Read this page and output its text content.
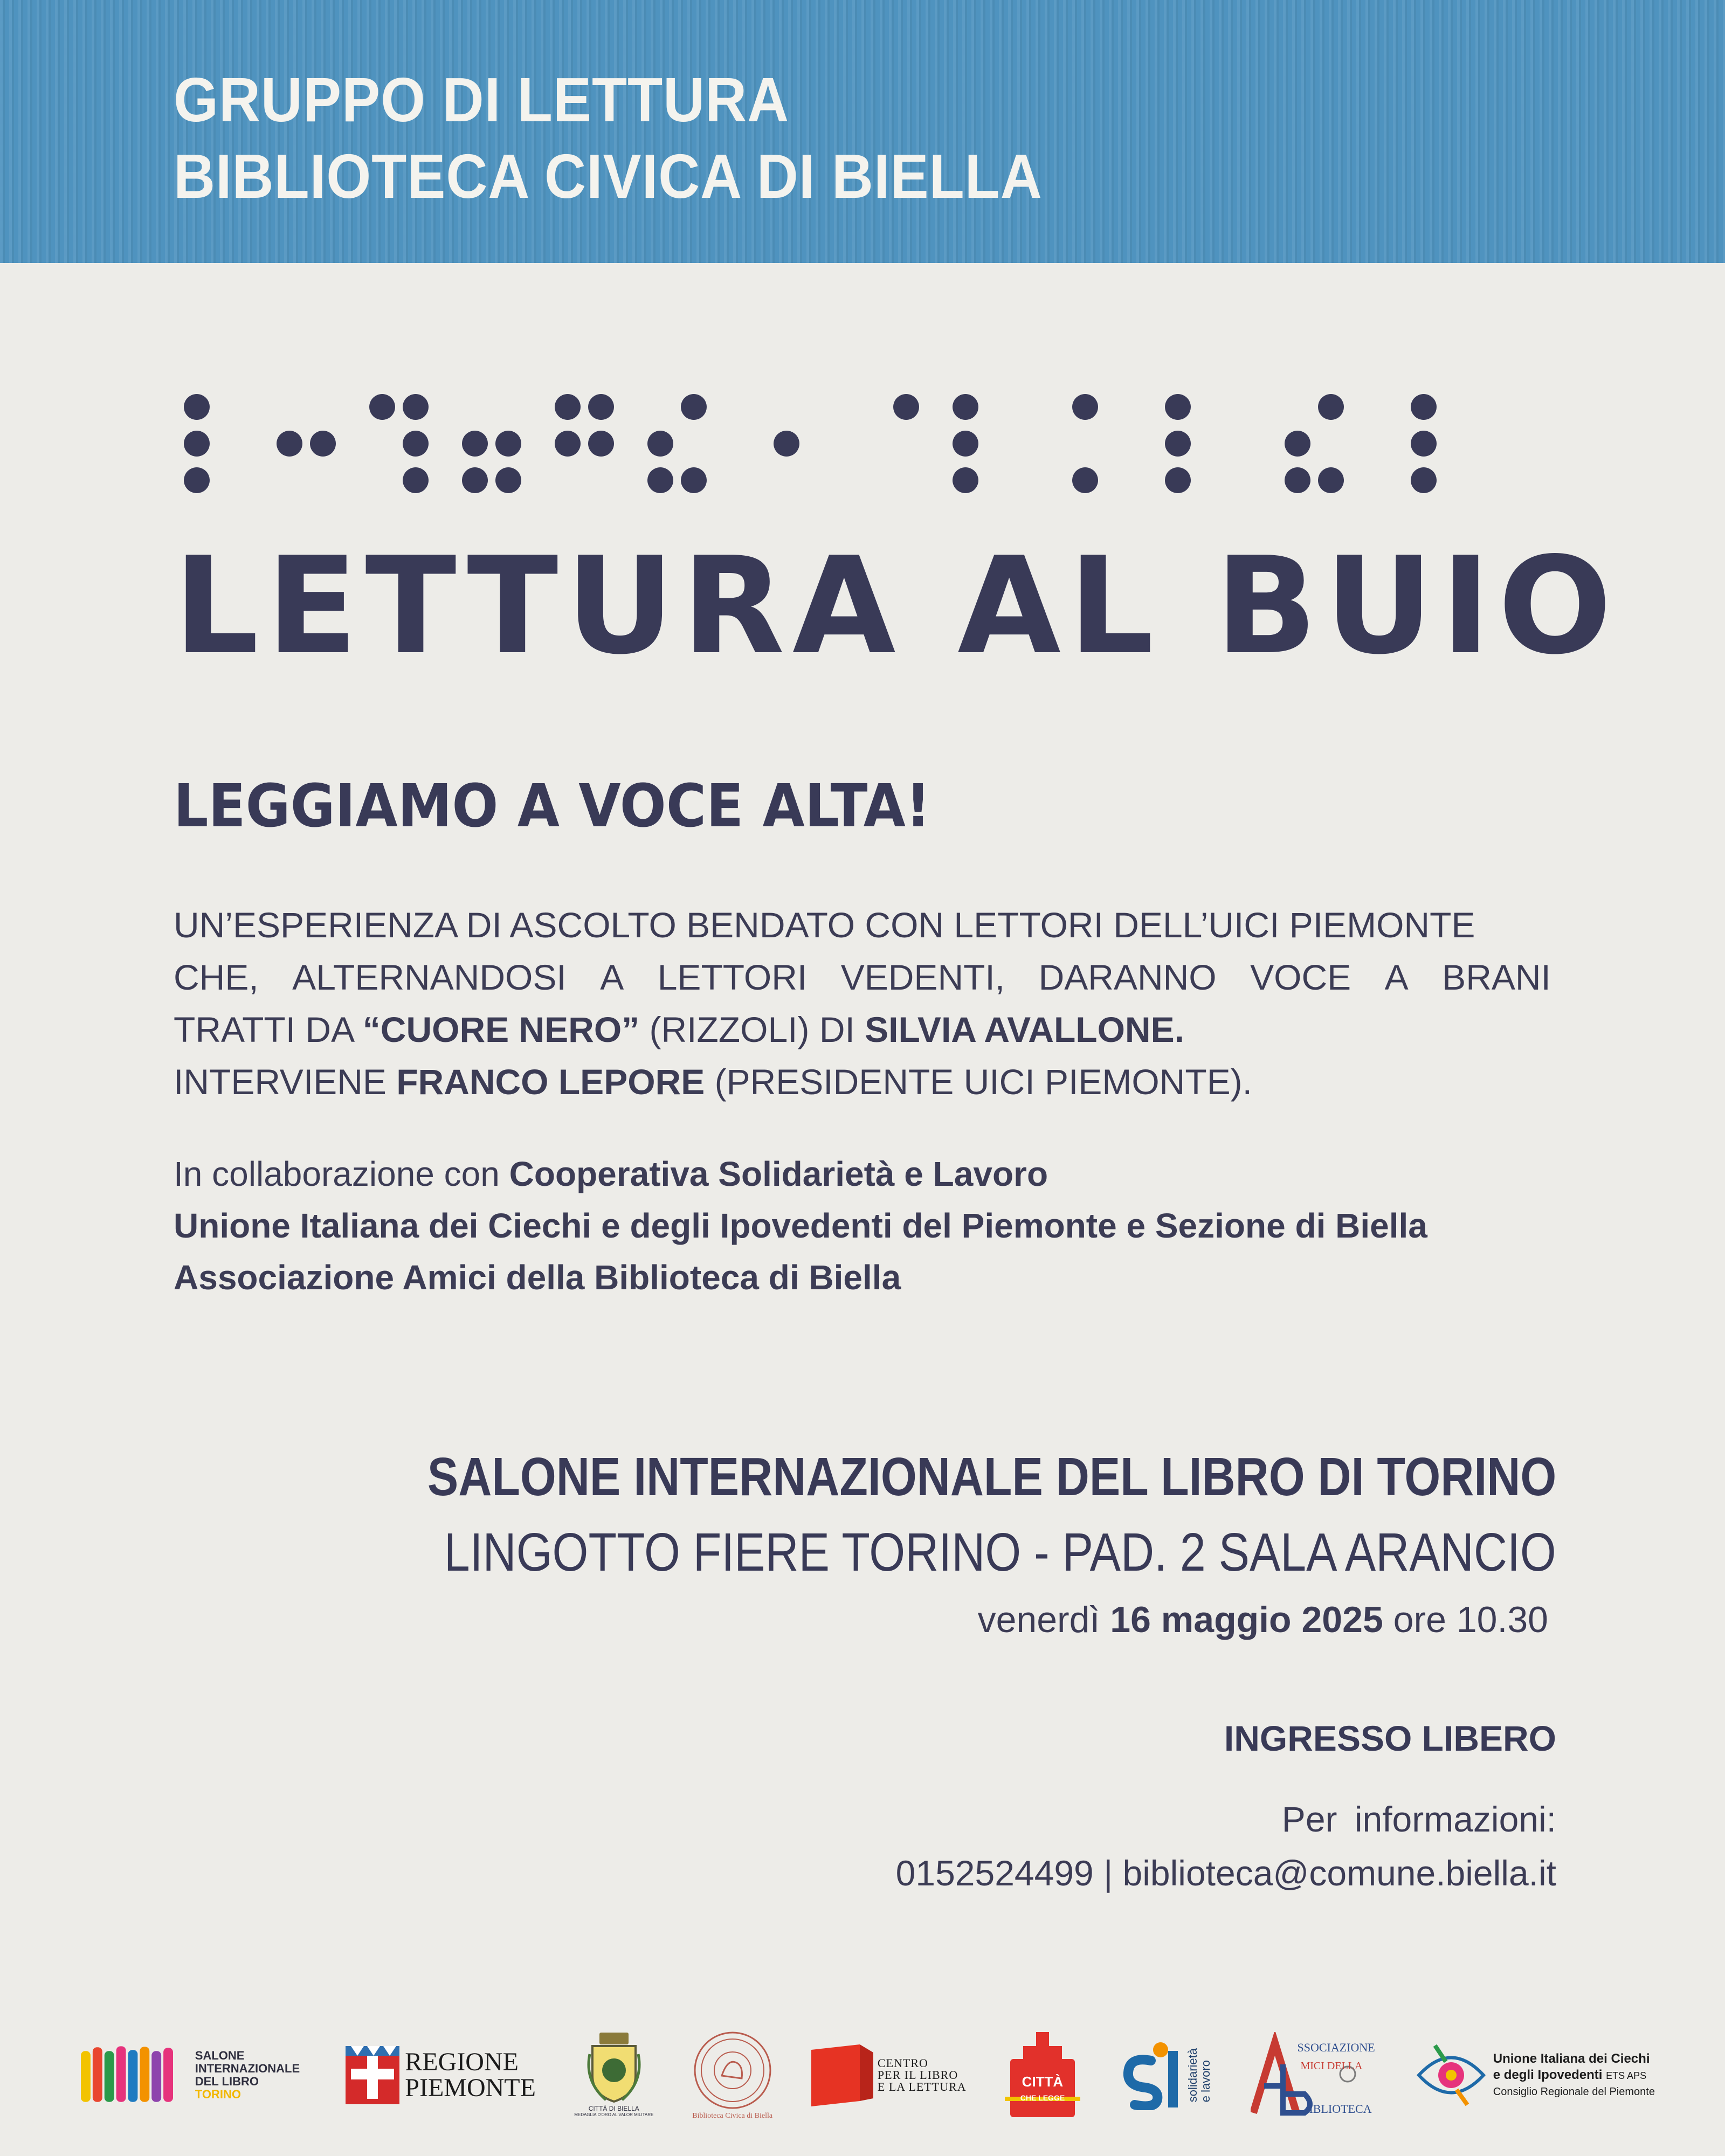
GRUPPO DI LETTURA

BIBLIOTECA CIVICA DI BIELLA

LETTURA AL BUIO
LEGGIAMO A VOCE ALTA!
UN’ESPERIENZA DI ASCOLTO BENDATO CON LETTORI DELL’UICI PIEMONTE
CHE, ALTERNANDOSI A LETTORI VEDENTI, DARANNO VOCE A BRANI
TRATTI DA “CUORE NERO” (RIZZOLI) DI SILVIA AVALLONE.
INTERVIENE FRANCO LEPORE (PRESIDENTE UICI PIEMONTE).
In collaborazione con Cooperativa Solidarietà e Lavoro
Unione Italiana dei Ciechi e degli Ipovedenti del Piemonte e Sezione di Biella
Associazione Amici della Biblioteca di Biella

SALONE INTERNAZIONALE DEL LIBRO DI TORINO

LINGOTTO FIERE TORINO - PAD. 2 SALA ARANCIO

venerdì 16 maggio 2025 ore 10.30

INGRESSO LIBERO

Per informazioni:

0152524499 | biblioteca@comune.biella.it

SALONE
INTERNAZIONALE
DEL LIBRO TORINO
REGIONE
PIEMONTE
CITTÀ DI BIELLA
MEDAGLIA D'ORO AL VALOR MILITARE	Biblioteca Civica di Biella
CENTRO
PER IL LIBRO
E LA LETTURA	CITTÀ
CHE LEGGE	solidarietà e lavoro
SSOCIAZIONE
MICI DELLA
IBLIOTECA
Unione Italiana dei Ciechi
e degli Ipovedenti ETS APS
Consiglio Regionale del Piemonte
